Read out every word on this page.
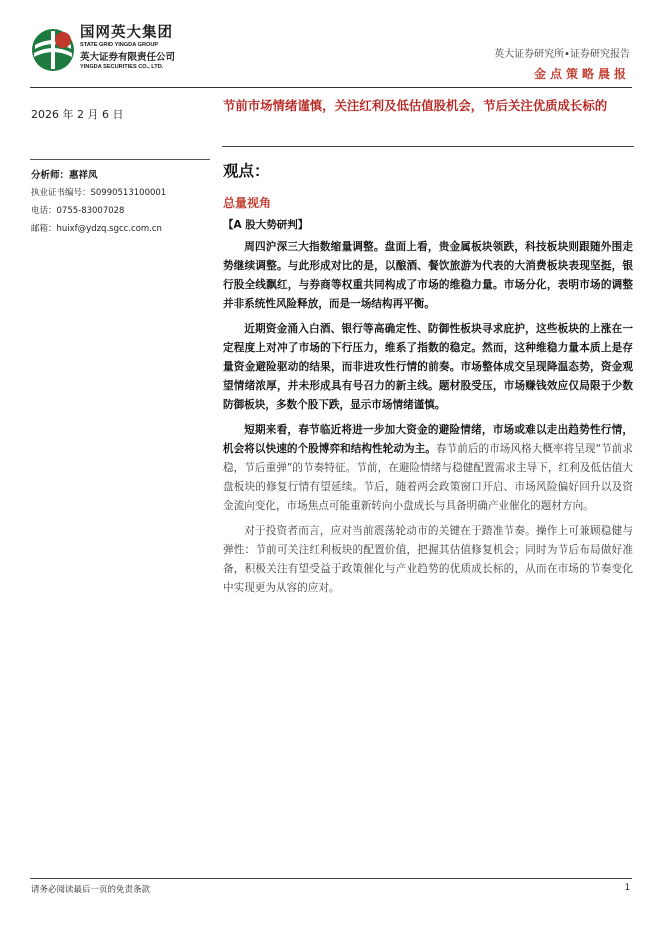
国网英大集团
STATE GRID YINGDA GROUP
英大证券有限责任公司
YINGDA SECURITIES CO., LTD.
英大证券研究所•证券研究报告
金点策略晨报
2026 年 2 月 6 日
分析师：惠祥凤
执业证书编号：S0990513100001
电话：0755-83007028
邮箱：huixf@ydzq.sgcc.com.cn
节前市场情绪谨慎，关注红利及低估值股机会，节后关注优质成长标的
观点：
总量视角
【A 股大势研判】

周四沪深三大指数缩量调整。盘面上看，贵金属板块领跌，科技板块则跟随外围走势继续调整。与此形成对比的是，以酿酒、餐饮旅游为代表的大消费板块表现坚挺，银行股全线飘红，与券商等权重共同构成了市场的维稳力量。市场分化，表明市场的调整并非系统性风险释放，而是一场结构再平衡。

近期资金涌入白酒、银行等高确定性、防御性板块寻求庇护，这些板块的上涨在一定程度上对冲了市场的下行压力，维系了指数的稳定。然而，这种维稳力量本质上是存量资金避险驱动的结果，而非进攻性行情的前奏。市场整体成交呈现降温态势，资金观望情绪浓厚，并未形成具有号召力的新主线。题材股受压，市场赚钱效应仅局限于少数防御板块，多数个股下跌，显示市场情绪谨慎。

短期来看，春节临近将进一步加大资金的避险情绪，市场或难以走出趋势性行情，机会将以快速的个股博弈和结构性轮动为主。春节前后的市场风格大概率将呈现“节前求稳，节后重弹”的节奏特征。节前，在避险情绪与稳健配置需求主导下，红利及低估值大盘板块的修复行情有望延续。节后，随着两会政策窗口开启、市场风险偏好回升以及资金流向变化，市场焦点可能重新转向小盘成长与具备明确产业催化的题材方向。

对于投资者而言，应对当前震荡轮动市的关键在于踏准节奏。操作上可兼顾稳健与弹性：节前可关注红利板块的配置价值，把握其估值修复机会；同时为节后布局做好准备，积极关注有望受益于政策催化与产业趋势的优质成长标的，从而在市场的节奏变化中实现更为从容的应对。

请务必阅读最后一页的免责条款	1
